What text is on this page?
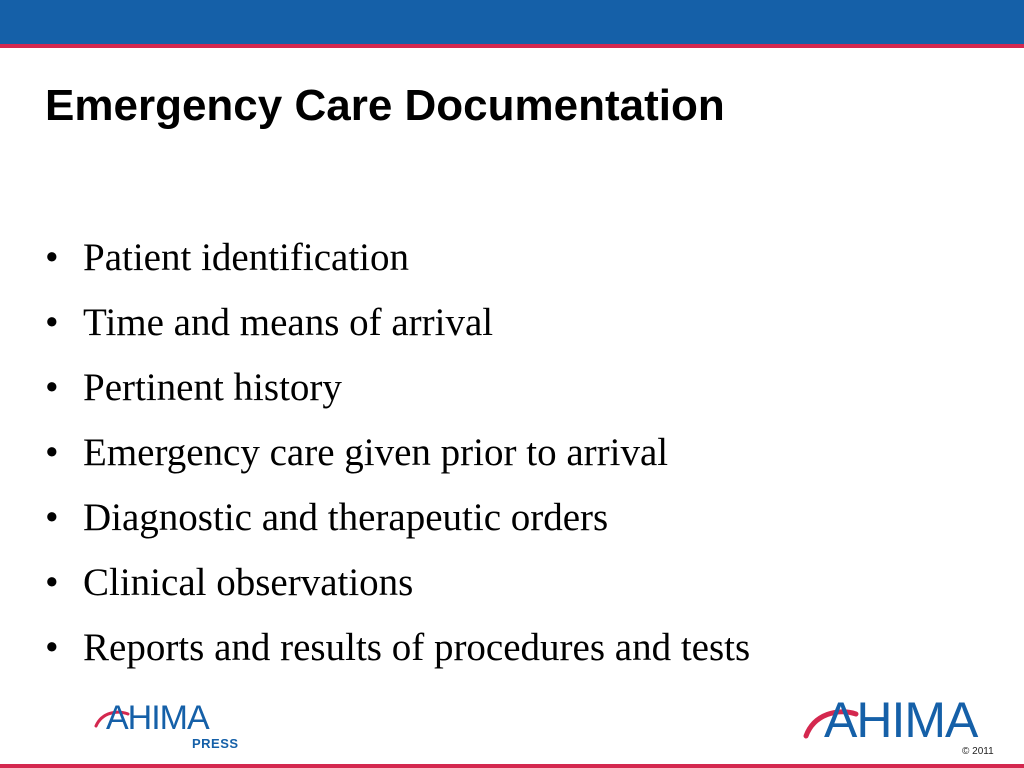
Emergency Care Documentation
• Patient identification
• Time and means of arrival
• Pertinent history
• Emergency care given prior to arrival
• Diagnostic and therapeutic orders
• Clinical observations
• Reports and results of procedures and tests
AHIMA
PRESS	AHIMA
© 2011
